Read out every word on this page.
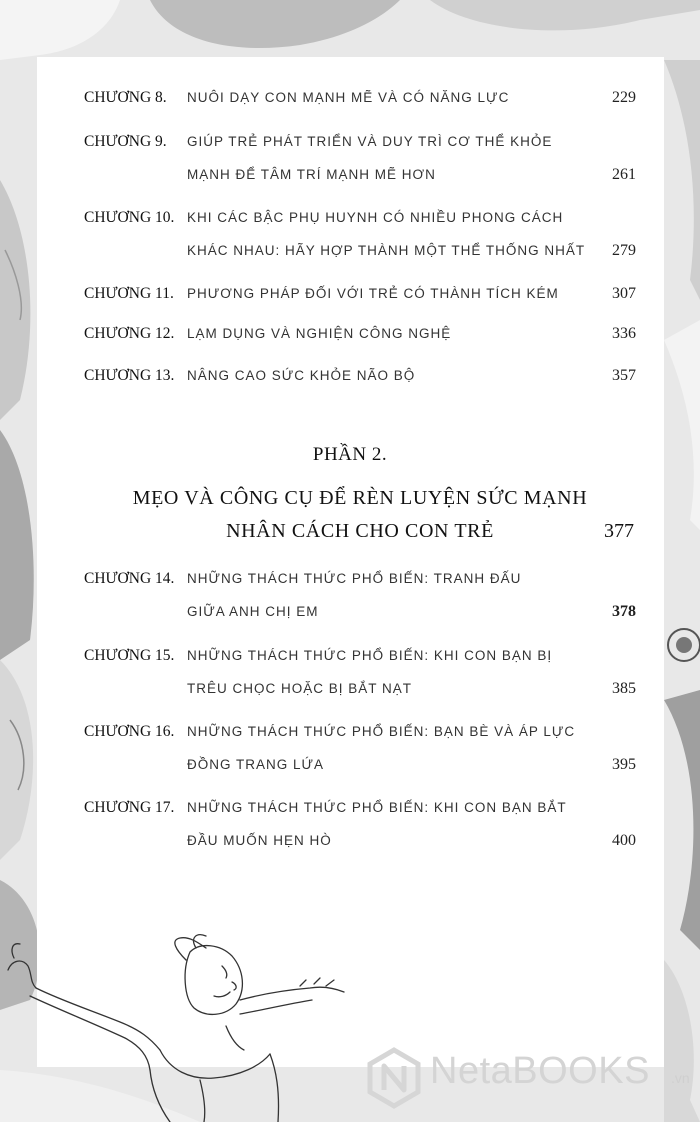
CHƯƠNG 8. NUÔI DẠY CON MẠNH MẼ VÀ CÓ NĂNG LỰC	229
CHƯƠNG 9. GIÚP TRẺ PHÁT TRIỂN VÀ DUY TRÌ CƠ THỂ KHỎE
MẠNH ĐỂ TÂM TRÍ MẠNH MẼ HƠN	261
CHƯƠNG 10. KHI CÁC BẬC PHỤ HUYNH CÓ NHIỀU PHONG CÁCH
KHÁC NHAU: HÃY HỢP THÀNH MỘT THỂ THỐNG NHẤT 279
CHƯƠNG 11. PHƯƠNG PHÁP ĐỐI VỚI TRẺ CÓ THÀNH TÍCH KÉM	307
CHƯƠNG 12. LẠM DỤNG VÀ NGHIỆN CÔNG NGHỆ	336
CHƯƠNG 13. NÂNG CAO SỨC KHỎE NÃO BỘ	357
PHẦN 2.
MẸO VÀ CÔNG CỤ ĐỂ RÈN LUYỆN SỨC MẠNH
NHÂN CÁCH CHO CON TRẺ	377
CHƯƠNG 14. NHỮNG THÁCH THỨC PHỔ BIẾN: TRANH ĐẤU
GIỮA ANH CHỊ EM	378
CHƯƠNG 15. NHỮNG THÁCH THỨC PHỔ BIẾN: KHI CON BẠN BỊ
TRÊU CHỌC HOẶC BỊ BẮT NẠT	385
CHƯƠNG 16. NHỮNG THÁCH THỨC PHỔ BIẾN: BẠN BÈ VÀ ÁP LỰC
ĐỒNG TRANG LỨA	395
CHƯƠNG 17. NHỮNG THÁCH THỨC PHỔ BIẾN: KHI CON BẠN BẮT
ĐẦU MUỐN HẸN HÒ	400
NetaBOOKS .vn
